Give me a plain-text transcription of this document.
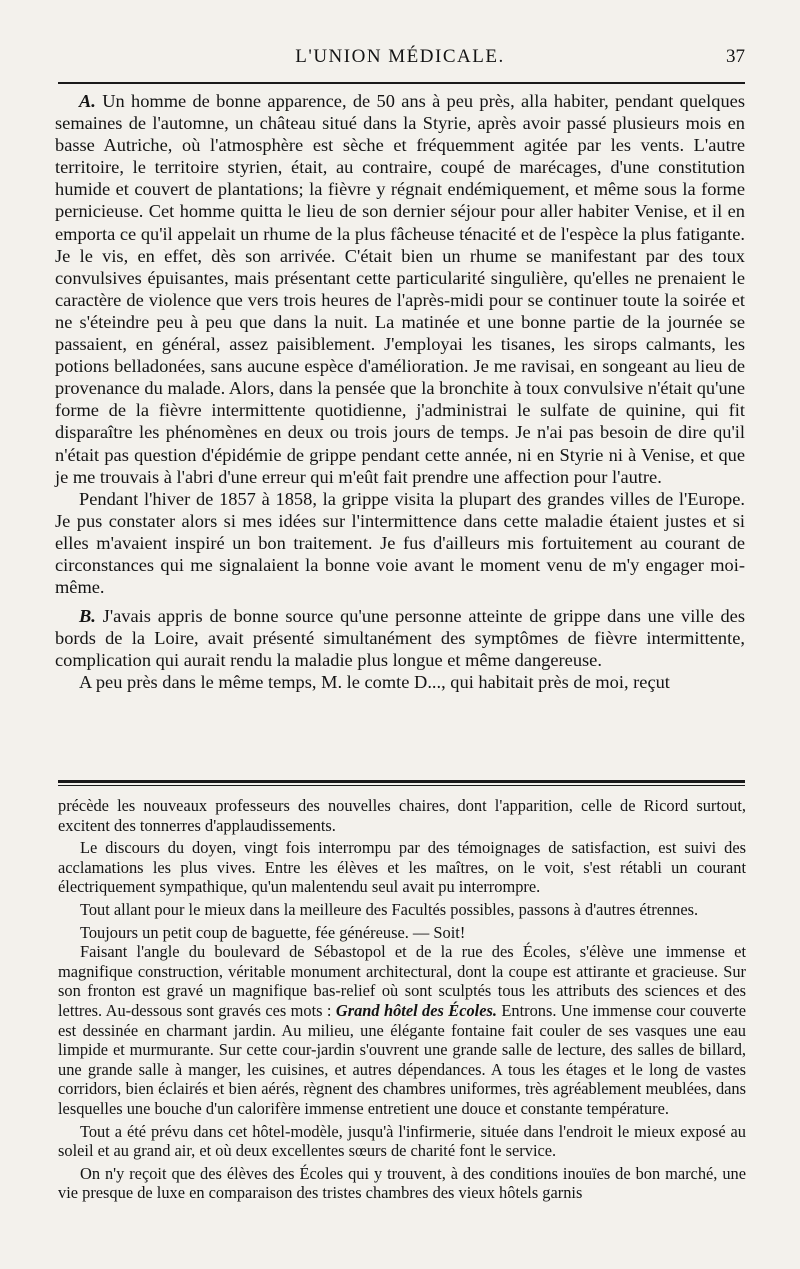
L'UNION MÉDICALE.	37

A. Un homme de bonne apparence, de 50 ans à peu près, alla habiter, pendant quelques semaines de l'automne, un château situé dans la Styrie, après avoir passé plusieurs mois en basse Autriche, où l'atmosphère est sèche et fréquemment agitée par les vents. L'autre territoire, le territoire styrien, était, au contraire, coupé de marécages, d'une constitution humide et couvert de plantations; la fièvre y régnait endémiquement, et même sous la forme pernicieuse. Cet homme quitta le lieu de son dernier séjour pour aller habiter Venise, et il en emporta ce qu'il appelait un rhume de la plus fâcheuse ténacité et de l'espèce la plus fatigante. Je le vis, en effet, dès son arrivée. C'était bien un rhume se manifestant par des toux convulsives épuisantes, mais présentant cette particularité singulière, qu'elles ne prenaient le caractère de violence que vers trois heures de l'après-midi pour se continuer toute la soirée et ne s'éteindre peu à peu que dans la nuit. La matinée et une bonne partie de la journée se passaient, en général, assez paisiblement. J'employai les tisanes, les sirops calmants, les potions belladonées, sans aucune espèce d'amélioration. Je me ravisai, en songeant au lieu de provenance du malade. Alors, dans la pensée que la bronchite à toux convulsive n'était qu'une forme de la fièvre intermittente quotidienne, j'administrai le sulfate de quinine, qui fit disparaître les phénomènes en deux ou trois jours de temps. Je n'ai pas besoin de dire qu'il n'était pas question d'épidémie de grippe pendant cette année, ni en Styrie ni à Venise, et que je me trouvais à l'abri d'une erreur qui m'eût fait prendre une affection pour l'autre.

Pendant l'hiver de 1857 à 1858, la grippe visita la plupart des grandes villes de l'Europe. Je pus constater alors si mes idées sur l'intermittence dans cette maladie étaient justes et si elles m'avaient inspiré un bon traitement. Je fus d'ailleurs mis fortuitement au courant de circonstances qui me signalaient la bonne voie avant le moment venu de m'y engager moi-même.

B. J'avais appris de bonne source qu'une personne atteinte de grippe dans une ville des bords de la Loire, avait présenté simultanément des symptômes de fièvre intermittente, complication qui aurait rendu la maladie plus longue et même dangereuse.

A peu près dans le même temps, M. le comte D..., qui habitait près de moi, reçut

précède les nouveaux professeurs des nouvelles chaires, dont l'apparition, celle de Ricord surtout, excitent des tonnerres d'applaudissements.

Le discours du doyen, vingt fois interrompu par des témoignages de satisfaction, est suivi des acclamations les plus vives. Entre les élèves et les maîtres, on le voit, s'est rétabli un courant électriquement sympathique, qu'un malentendu seul avait pu interrompre.

Tout allant pour le mieux dans la meilleure des Facultés possibles, passons à d'autres étrennes.

Toujours un petit coup de baguette, fée généreuse. — Soit!

Faisant l'angle du boulevard de Sébastopol et de la rue des Écoles, s'élève une immense et magnifique construction, véritable monument architectural, dont la coupe est attirante et gracieuse. Sur son fronton est gravé un magnifique bas-relief où sont sculptés tous les attributs des sciences et des lettres. Au-dessous sont gravés ces mots : Grand hôtel des Écoles. Entrons. Une immense cour couverte est dessinée en charmant jardin. Au milieu, une élégante fontaine fait couler de ses vasques une eau limpide et murmurante. Sur cette cour-jardin s'ouvrent une grande salle de lecture, des salles de billard, une grande salle à manger, les cuisines, et autres dépendances. A tous les étages et le long de vastes corridors, bien éclairés et bien aérés, règnent des chambres uniformes, très agréablement meublées, dans lesquelles une bouche d'un calorifère immense entretient une douce et constante température.

Tout a été prévu dans cet hôtel-modèle, jusqu'à l'infirmerie, située dans l'endroit le mieux exposé au soleil et au grand air, et où deux excellentes sœurs de charité font le service.

On n'y reçoit que des élèves des Écoles qui y trouvent, à des conditions inouïes de bon marché, une vie presque de luxe en comparaison des tristes chambres des vieux hôtels garnis
